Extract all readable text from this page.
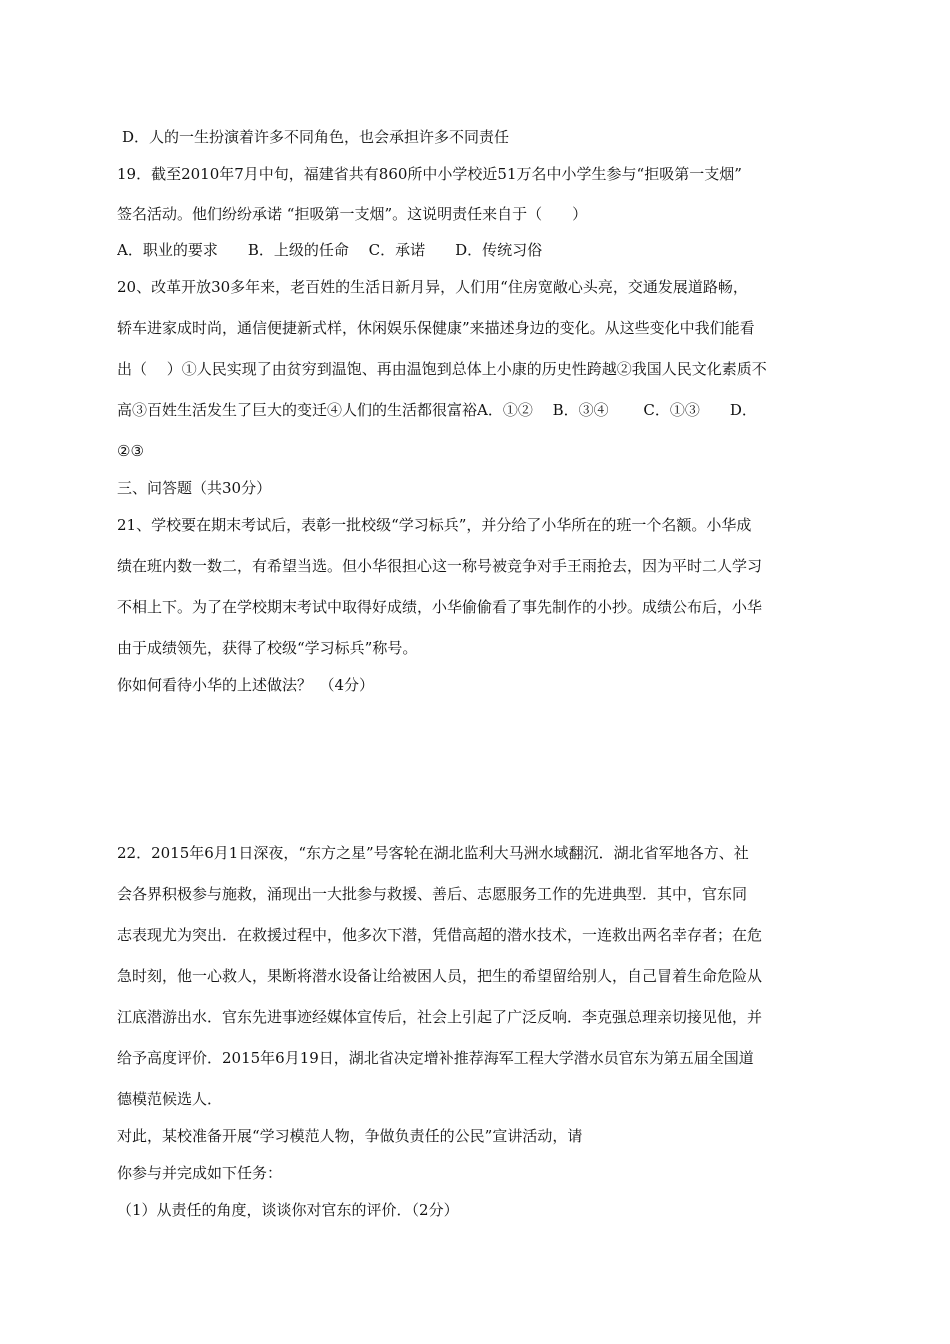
D．人的一生扮演着许多不同角色，也会承担许多不同责任
19．截至2010年7月中旬，福建省共有860所中小学校近51万名中小学生参与“拒吸第一支烟”
签名活动。他们纷纷承诺 “拒吸第一支烟”。这说明责任来自于（　　）
A．职业的要求　　B．上级的任命　 C．承诺　　D．传统习俗
20、改革开放30多年来，老百姓的生活日新月异，人们用“住房宽敞心头亮，交通发展道路畅，
轿车进家成时尚，通信便捷新式样，休闲娱乐保健康”来描述身边的变化。从这些变化中我们能看
出（　 ）①人民实现了由贫穷到温饱、再由温饱到总体上小康的历史性跨越②我国人民文化素质不
高③百姓生活发生了巨大的变迁④人们的生活都很富裕A．①②　 B．③④　　 C．①③　　D．
②③
三、问答题（共30分）
21、学校要在期末考试后，表彰一批校级“学习标兵”，并分给了小华所在的班一个名额。小华成
绩在班内数一数二，有希望当选。但小华很担心这一称号被竞争对手王雨抢去，因为平时二人学习
不相上下。为了在学校期末考试中取得好成绩，小华偷偷看了事先制作的小抄。成绩公布后，小华
由于成绩领先，获得了校级“学习标兵”称号。
你如何看待小华的上述做法？　（4分）
22．2015年6月1日深夜，“东方之星”号客轮在湖北监利大马洲水域翻沉．湖北省军地各方、社
会各界积极参与施救，涌现出一大批参与救援、善后、志愿服务工作的先进典型．其中，官东同
志表现尤为突出．在救援过程中，他多次下潜，凭借高超的潜水技术，一连救出两名幸存者；在危
急时刻，他一心救人，果断将潜水设备让给被困人员，把生的希望留给别人，自己冒着生命危险从
江底潜游出水．官东先进事迹经媒体宣传后，社会上引起了广泛反响．李克强总理亲切接见他，并
给予高度评价．2015年6月19日，湖北省决定增补推荐海军工程大学潜水员官东为第五届全国道
德模范候选人．
对此，某校准备开展“学习模范人物，争做负责任的公民”宣讲活动，请
你参与并完成如下任务：
（1）从责任的角度，谈谈你对官东的评价．（2分）
